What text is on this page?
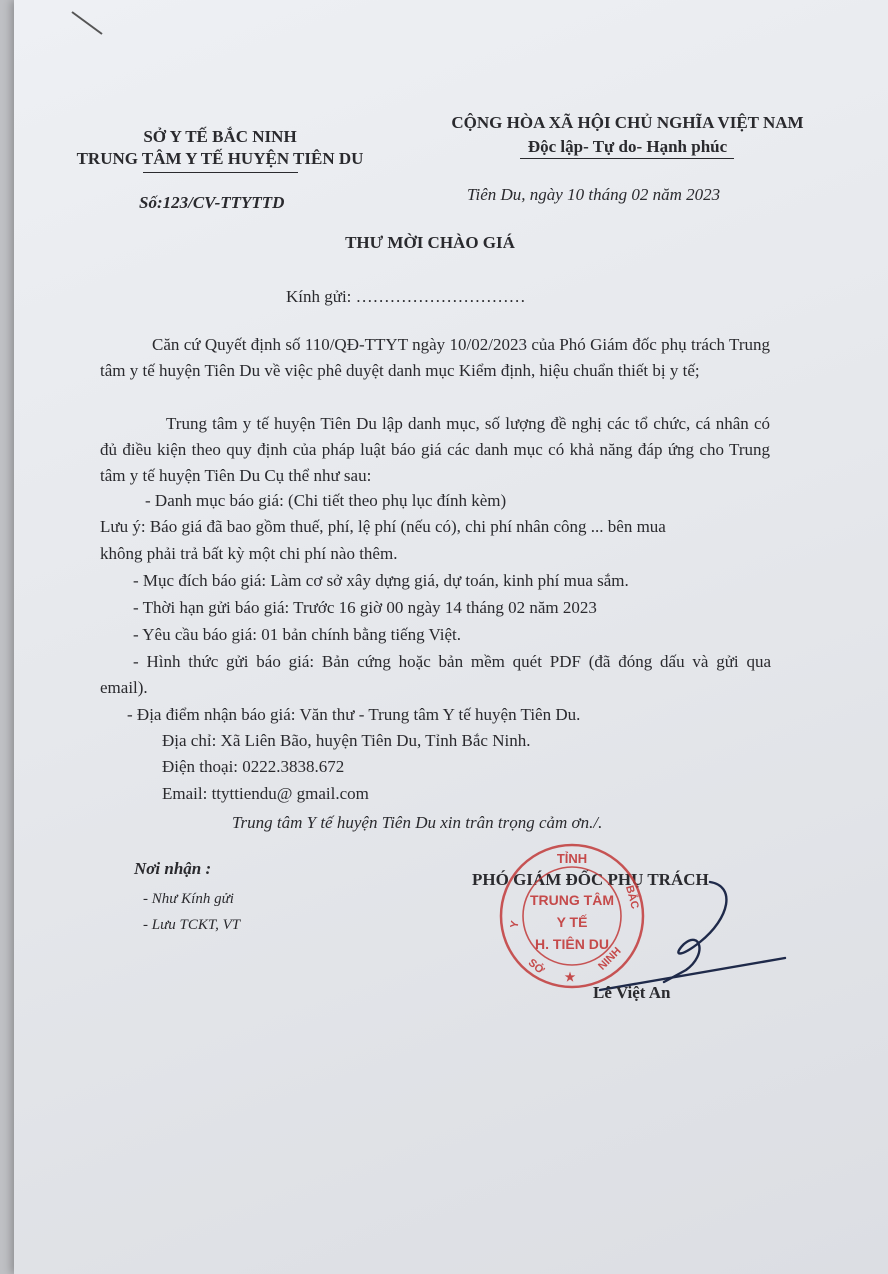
SỞ Y TẾ BẮC NINH
TRUNG TÂM Y TẾ HUYỆN TIÊN DU
CỘNG HÒA XÃ HỘI CHỦ NGHĨA VIỆT NAM
Độc lập- Tự do- Hạnh phúc
Số:123/CV-TTYTTD	Tiên Du, ngày 10 tháng 02 năm 2023
THƯ MỜI CHÀO GIÁ
Kính gửi: …………………………
Căn cứ Quyết định số 110/QĐ-TTYT ngày 10/02/2023 của Phó Giám đốc phụ trách Trung tâm y tế huyện Tiên Du về việc phê duyệt danh mục Kiểm định, hiệu chuẩn thiết bị y tế;
Trung tâm y tế huyện Tiên Du lập danh mục, số lượng đề nghị các tổ chức, cá nhân có đủ điều kiện theo quy định của pháp luật báo giá các danh mục có khả năng đáp ứng cho Trung tâm y tế huyện Tiên Du Cụ thể như sau:
- Danh mục báo giá: (Chi tiết theo phụ lục đính kèm)
Lưu ý: Báo giá đã bao gồm thuế, phí, lệ phí (nếu có), chi phí nhân công ... bên mua
không phải trả bất kỳ một chi phí nào thêm.
- Mục đích báo giá: Làm cơ sở xây dựng giá, dự toán, kinh phí mua sắm.
- Thời hạn gửi báo giá: Trước 16 giờ 00 ngày 14 tháng 02 năm 2023
- Yêu cầu báo giá: 01 bản chính bằng tiếng Việt.
- Hình thức gửi báo giá: Bản cứng hoặc bản mềm quét PDF (đã đóng dấu và gửi qua
email).
- Địa điểm nhận báo giá: Văn thư - Trung tâm Y tế huyện Tiên Du.
Địa chỉ: Xã Liên Bão, huyện Tiên Du, Tỉnh Bắc Ninh.
Điện thoại: 0222.3838.672
Email: ttyttiendu@ gmail.com
Trung tâm Y tế huyện Tiên Du xin trân trọng cảm ơn./.
Nơi nhận :
- Như Kính gửi
- Lưu TCKT, VT
PHÓ GIÁM ĐỐC PHỤ TRÁCH
TỈNH
Y
BẮC
SỞ	NINH
TRUNG TÂM
Y TẾ
H. TIÊN DU
★
Lê Việt An
